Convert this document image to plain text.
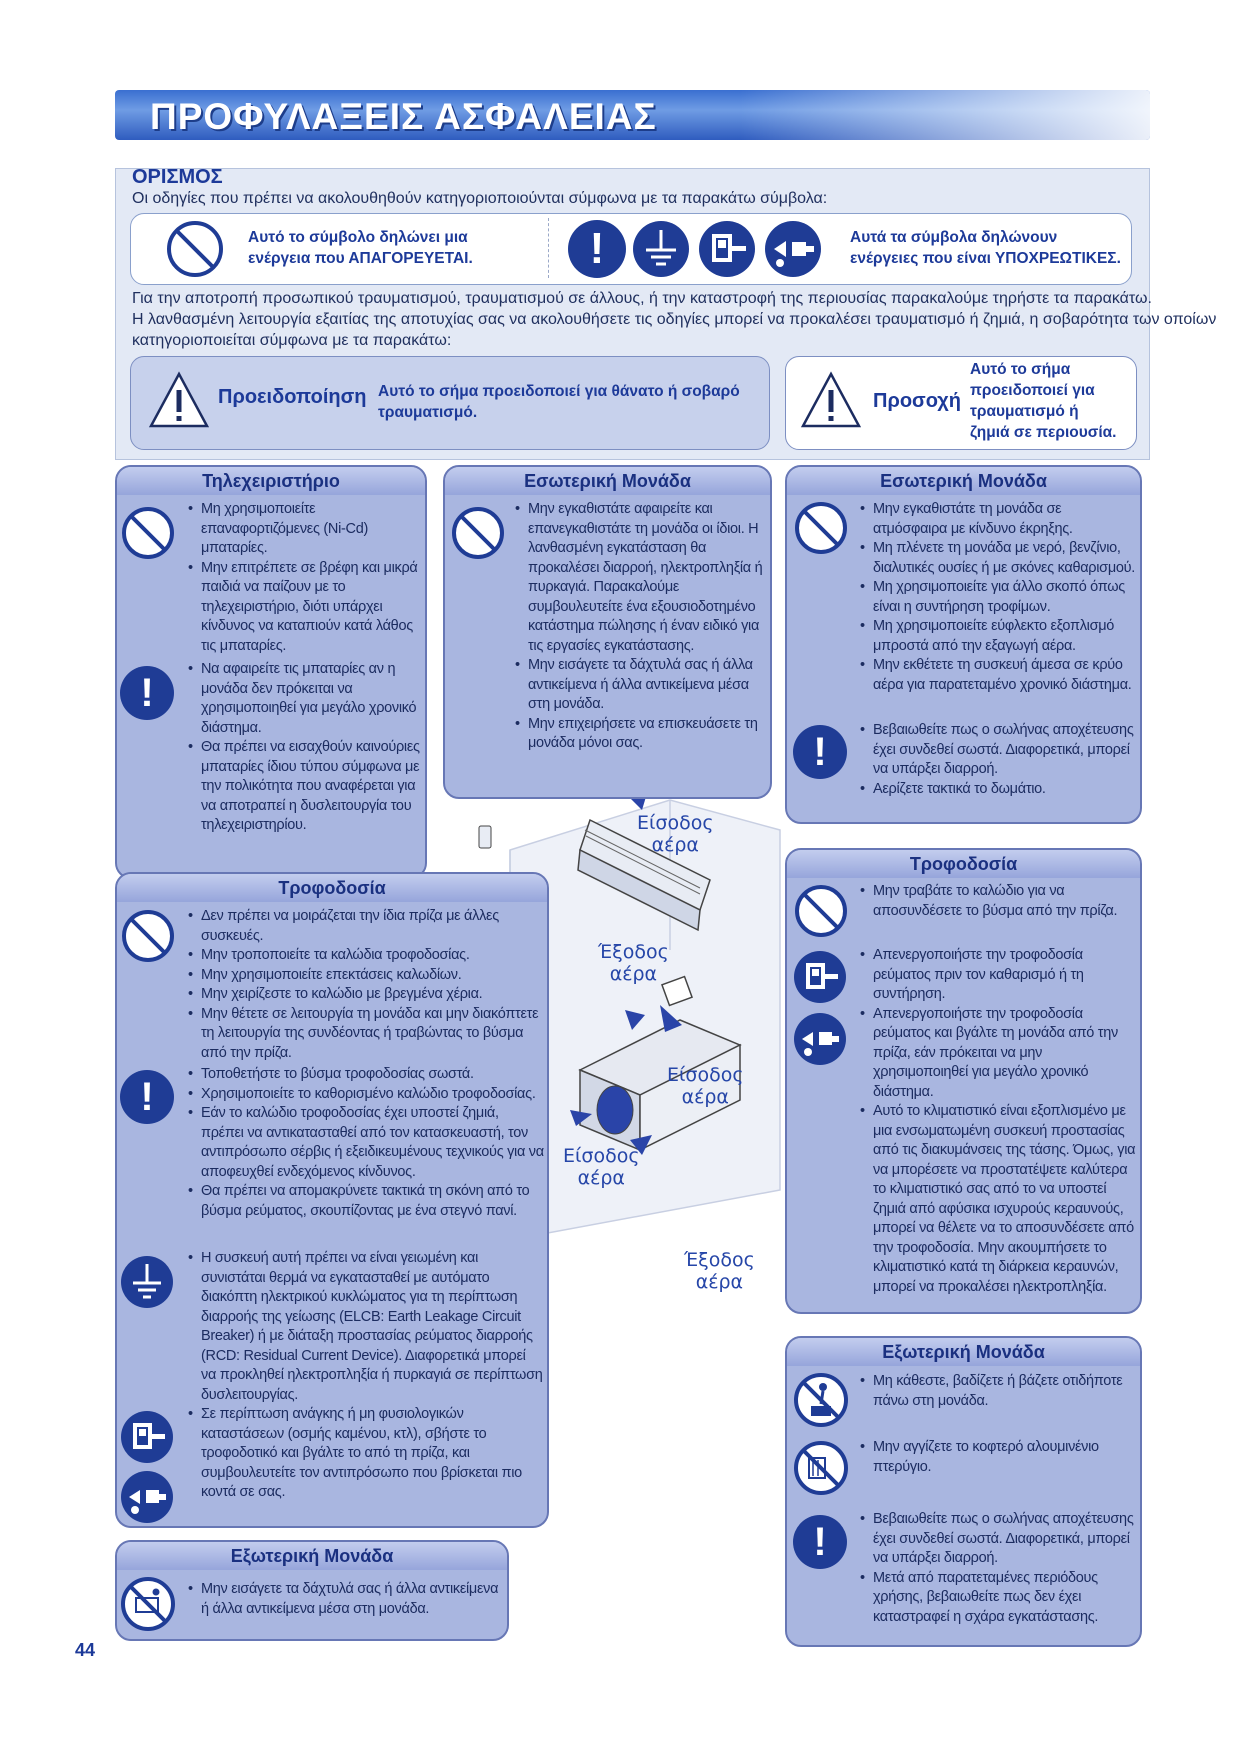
ΠΡΟΦΥΛΑΞΕΙΣ ΑΣΦΑΛΕΙΑΣ
ΟΡΙΣΜΟΣ
Οι οδηγίες που πρέπει να ακολουθηθούν κατηγοριοποιούνται σύμφωνα με τα παρακάτω σύμβολα:
Αυτό το σύμβολο δηλώνει μια
ενέργεια που ΑΠΑΓΟΡΕΥΕΤΑΙ.	!	Αυτά τα σύμβολα δηλώνουν
ενέργειες που είναι ΥΠΟΧΡΕΩΤΙΚΕΣ.
Για την αποτροπή προσωπικού τραυματισμού, τραυματισμού σε άλλους, ή την καταστροφή της περιουσίας παρακαλούμε τηρήστε τα παρακάτω.
Η λανθασμένη λειτουργία εξαιτίας της αποτυχίας σας να ακολουθήσετε τις οδηγίες μπορεί να προκαλέσει τραυματισμό ή ζημιά, η σοβαρότητα των οποίων
κατηγοριοποιείται σύμφωνα με τα παρακάτω:
Προειδοποίηση Αυτό το σήμα προειδοποιεί για θάνατο ή σοβαρό
τραυματισμό.
Προσοχή
Αυτό το σήμα
προειδοποιεί για
τραυματισμό ή
ζημιά σε περιουσία.
Είσοδος
αέρα
Έξοδος
αέρα
Είσοδος
αέρα
Είσοδος
αέρα
Έξοδος
αέρα
Τηλεχειριστήριο
• Μη χρησιμοποιείτε επαναφορτιζόμενες (Ni-Cd) μπαταρίες.
• Μην επιτρέπετε σε βρέφη και μικρά παιδιά να παίζουν με το τηλεχειριστήριο, διότι υπάρχει κίνδυνος να καταπιούν κατά λάθος τις μπαταρίες.
!
• Να αφαιρείτε τις μπαταρίες αν η μονάδα δεν πρόκειται να χρησιμοποιηθεί για μεγάλο χρονικό διάστημα.
• Θα πρέπει να εισαχθούν καινούριες μπαταρίες ίδιου τύπου σύμφωνα με την πολικότητα που αναφέρεται για να αποτραπεί η δυσλειτουργία του τηλεχειριστηρίου.
Εσωτερική Μονάδα
• Μην εγκαθιστάτε αφαιρείτε και επανεγκαθιστάτε τη μονάδα οι ίδιοι. Η λανθασμένη εγκατάσταση θα προκαλέσει διαρροή, ηλεκτροπληξία ή πυρκαγιά. Παρακαλούμε συμβουλευτείτε ένα εξουσιοδοτημένο κατάστημα πώλησης ή έναν ειδικό για τις εργασίες εγκατάστασης.
• Μην εισάγετε τα δάχτυλά σας ή άλλα αντικείμενα ή άλλα αντικείμενα μέσα στη μονάδα.
• Μην επιχειρήσετε να επισκευάσετε τη μονάδα μόνοι σας.
Εσωτερική Μονάδα
• Μην εγκαθιστάτε τη μονάδα σε ατμόσφαιρα με κίνδυνο έκρηξης.
• Μη πλένετε τη μονάδα με νερό, βενζίνιο, διαλυτικές ουσίες ή με σκόνες καθαρισμού.
• Μη χρησιμοποιείτε για άλλο σκοπό όπως είναι η συντήρηση τροφίμων.
• Μη χρησιμοποιείτε εύφλεκτο εξοπλισμό μπροστά από την εξαγωγή αέρα.
• Μην εκθέτετε τη συσκευή άμεσα σε κρύο αέρα για παρατεταμένο χρονικό διάστημα.
!
•	Βεβαιωθείτε πως ο σωλήνας αποχέτευσης έχει συνδεθεί σωστά. Διαφορετικά, μπορεί να υπάρξει διαρροή.
• Αερίζετε τακτικά το δωμάτιο.
Τροφοδοσία
• Δεν πρέπει να μοιράζεται την ίδια πρίζα με άλλες συσκευές.
• Μην τροποποιείτε τα καλώδια τροφοδοσίας.
• Μην χρησιμοποιείτε επεκτάσεις καλωδίων.
• Μην χειρίζεστε το καλώδιο με βρεγμένα χέρια.
• Μην θέτετε σε λειτουργία τη μονάδα και μην διακόπτετε τη λειτουργία της συνδέοντας ή τραβώντας το βύσμα από την πρίζα.
!
• Τοποθετήστε το βύσμα τροφοδοσίας σωστά.
• Χρησιμοποιείτε το καθορισμένο καλώδιο τροφοδοσίας.
• Εάν το καλώδιο τροφοδοσίας έχει υποστεί ζημιά, πρέπει να αντικατασταθεί από τον κατασκευαστή, τον αντιπρόσωπο σέρβις ή εξειδικευμένους τεχνικούς για να αποφευχθεί ενδεχόμενος κίνδυνος.
• Θα πρέπει να απομακρύνετε τακτικά τη σκόνη από το βύσμα ρεύματος, σκουπίζοντας με ένα στεγνό πανί.
• Η συσκευή αυτή πρέπει να είναι γειωμένη και συνιστάται θερμά να εγκατασταθεί με αυτόματο διακόπτη ηλεκτρικού κυκλώματος για τη περίπτωση διαρροής της γείωσης (ELCB: Earth Leakage Circuit Breaker) ή με διάταξη προστασίας ρεύματος διαρροής (RCD: Residual Current Device). Διαφορετικά μπορεί να προκληθεί ηλεκτροπληξία ή πυρκαγιά σε περίπτωση δυσλειτουργίας.
• Σε περίπτωση ανάγκης ή μη φυσιολογικών καταστάσεων (οσμής καμένου, κτλ), σβήστε το τροφοδοτικό και βγάλτε το από τη πρίζα, και συμβουλευτείτε τον αντιπρόσωπο που βρίσκεται πιο κοντά σε σας.
Τροφοδοσία
• Μην τραβάτε το καλώδιο για να αποσυνδέσετε το βύσμα από την πρίζα.
• Απενεργοποιήστε την τροφοδοσία ρεύματος πριν τον καθαρισμό ή τη συντήρηση.
• Απενεργοποιήστε την τροφοδοσία ρεύματος και βγάλτε τη μονάδα από την πρίζα, εάν πρόκειται να μην χρησιμοποιηθεί για μεγάλο χρονικό διάστημα.
• Αυτό το κλιματιστικό είναι εξοπλισμένο με μια ενσωματωμένη συσκευή προστασίας από τις διακυμάνσεις της τάσης. Όμως, για να μπορέσετε να προστατέψετε καλύτερα το κλιματιστικό σας από το να υποστεί ζημιά από αφύσικα ισχυρούς κεραυνούς, μπορεί να θέλετε να το αποσυνδέσετε από την τροφοδοσία. Μην ακουμπήσετε το κλιματιστικό κατά τη διάρκεια κεραυνών, μπορεί να προκαλέσει ηλεκτροπληξία.
Εξωτερική Μονάδα
• Μη κάθεστε, βαδίζετε ή βάζετε οτιδήποτε πάνω στη μονάδα.
• Μην αγγίζετε το κοφτερό αλουμινένιο πτερύγιο.
!
• Βεβαιωθείτε πως ο σωλήνας αποχέτευσης έχει συνδεθεί σωστά. Διαφορετικά, μπορεί να υπάρξει διαρροή.
• Μετά από παρατεταμένες περιόδους χρήσης, βεβαιωθείτε πως δεν έχει καταστραφεί η σχάρα εγκατάστασης.
Εξωτερική Μονάδα
• Μην εισάγετε τα δάχτυλά σας ή άλλα αντικείμενα ή άλλα αντικείμενα μέσα στη μονάδα.
44
